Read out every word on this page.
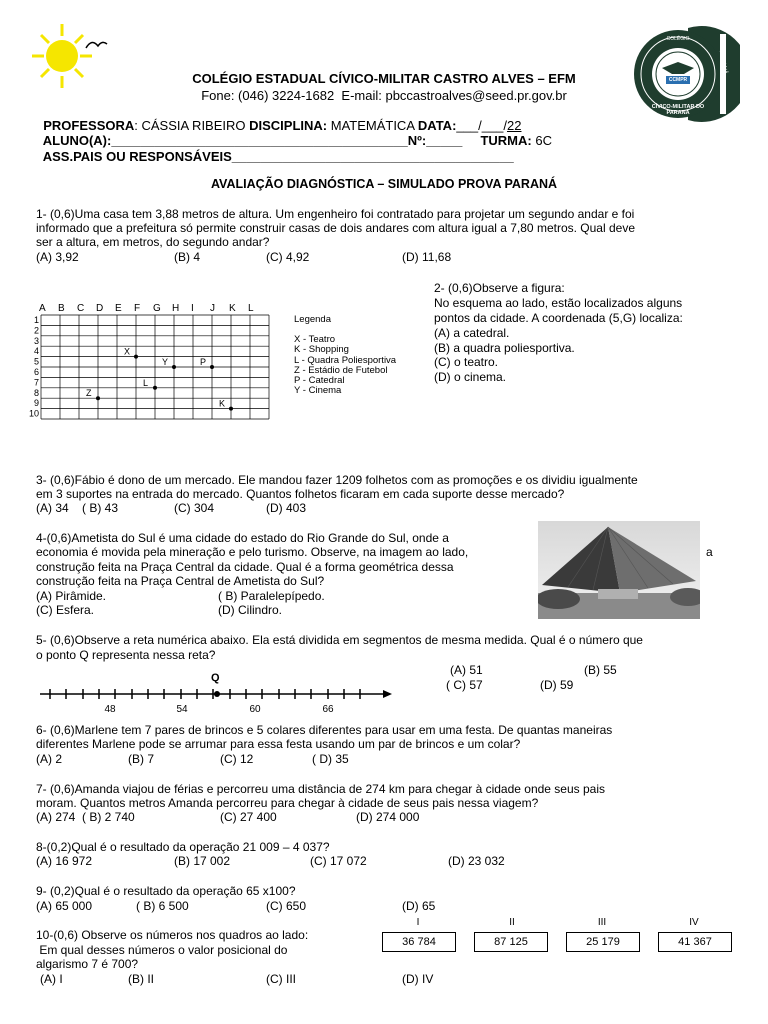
COLÉGIO
CCMPR
CÍVICO-MILITAR DO PARANÁ
PARANÁ
COLÉGIO ESTADUAL CÍVICO-MILITAR CASTRO ALVES – EFM
Fone: (046) 3224-1682  E-mail: pbccastroalves@seed.pr.gov.br

PROFESSORA: CÁSSIA RIBEIRO DISCIPLINA: MATEMÁTICA DATA:___/___/22

ALUNO(A):_________________________________________Nº:_____ TURMA: 6C

ASS.PAIS OU RESPONSÁVEIS_______________________________________

AVALIAÇÃO DIAGNÓSTICA – SIMULADO PROVA PARANÁ
1- (0,6)Uma casa tem 3,88 metros de altura. Um engenheiro foi contratado para projetar um segundo andar e foi
informado que a prefeitura só permite construir casas de dois andares com altura igual a 7,80 metros. Qual deve
ser a altura, em metros, do segundo andar?
(A) 3,92	(B) 4	(C) 4,92	(D) 11,68
A B C D E F G H I J K L
1
2
3
4
5
6
7
8
9
10
X
Y	P
L
Z
K
Legenda
X - Teatro
K - Shopping
L - Quadra Poliesportiva
Z - Estádio de Futebol
P - Catedral
Y - Cinema
2- (0,6)Observe a figura:
No esquema ao lado, estão localizados alguns
pontos da cidade. A coordenada (5,G) localiza:
(A) a catedral.
(B) a quadra poliesportiva.
(C) o teatro.
(D) o cinema.
3- (0,6)Fábio é dono de um mercado. Ele mandou fazer 1209 folhetos com as promoções e os dividiu igualmente
em 3 suportes na entrada do mercado. Quantos folhetos ficaram em cada suporte desse mercado?
(A) 34 ( B) 43	(C) 304	(D) 403
4-(0,6)Ametista do Sul é uma cidade do estado do Rio Grande do Sul, onde a
economia é movida pela mineração e pelo turismo. Observe, na imagem ao lado,
construção feita na Praça Central da cidade. Qual é a forma geométrica dessa
construção feita na Praça Central de Ametista do Sul?
a
(A) Pirâmide.	( B) Paralelepípedo.
(C) Esfera.	(D) Cilindro.
5- (0,6)Observe a reta numérica abaixo. Ela está dividida em segmentos de mesma medida. Qual é o número que
o ponto Q representa nessa reta?
(A) 51	(B) 55
( C) 57	(D) 59
Q
48	54	60	66
6- (0,6)Marlene tem 7 pares de brincos e 5 colares diferentes para usar em uma festa. De quantas maneiras
diferentes Marlene pode se arrumar para essa festa usando um par de brincos e um colar?
(A) 2	(B) 7	(C) 12	( D) 35
7- (0,6)Amanda viajou de férias e percorreu uma distância de 274 km para chegar à cidade onde seus pais
moram. Quantos metros Amanda percorreu para chegar à cidade de seus pais nessa viagem?
(A) 274 ( B) 2 740	(C) 27 400	(D) 274 000
8-(0,2)Qual é o resultado da operação 21 009 – 4 037?
(A) 16 972	(B) 17 002	(C) 17 072	(D) 23 032
9- (0,2)Qual é o resultado da operação 65 x100?
(A) 65 000	( B) 6 500	(C) 650	(D) 65
10-(0,6) Observe os números nos quadros ao lado:
Em qual desses números o valor posicional do
algarismo 7 é 700?
(A) I	(B) II	(C) III	(D) IV
I
36 784
II
87 125
III
25 179
IV
41 367
